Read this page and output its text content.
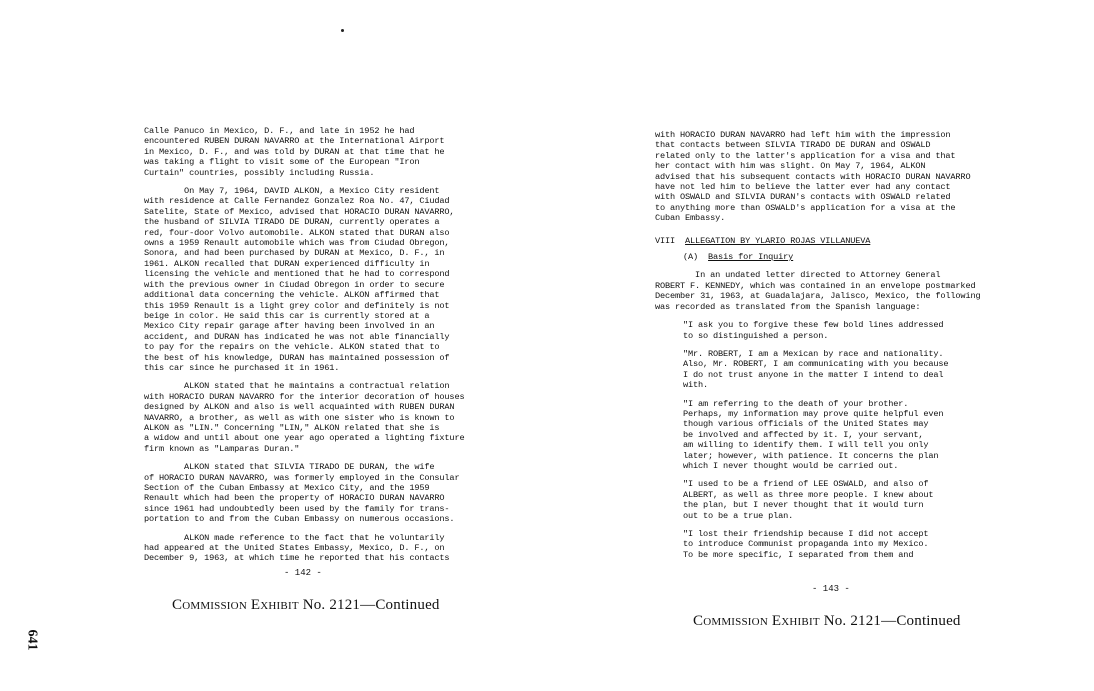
Calle Panuco in Mexico, D. F., and late in 1952 he had
encountered RUBEN DURAN NAVARRO at the International Airport
in Mexico, D. F., and was told by DURAN at that time that he
was taking a flight to visit some of the European "Iron
Curtain" countries, possibly including Russia.

On May 7, 1964, DAVID ALKON, a Mexico City resident
with residence at Calle Fernandez Gonzalez Roa No. 47, Ciudad
Satelite, State of Mexico, advised that HORACIO DURAN NAVARRO,
the husband of SILVIA TIRADO DE DURAN, currently operates a
red, four-door Volvo automobile. ALKON stated that DURAN also
owns a 1959 Renault automobile which was from Ciudad Obregon,
Sonora, and had been purchased by DURAN at Mexico, D. F., in
1961. ALKON recalled that DURAN experienced difficulty in
licensing the vehicle and mentioned that he had to correspond
with the previous owner in Ciudad Obregon in order to secure
additional data concerning the vehicle. ALKON affirmed that
this 1959 Renault is a light grey color and definitely is not
beige in color. He said this car is currently stored at a
Mexico City repair garage after having been involved in an
accident, and DURAN has indicated he was not able financially
to pay for the repairs on the vehicle. ALKON stated that to
the best of his knowledge, DURAN has maintained possession of
this car since he purchased it in 1961.

ALKON stated that he maintains a contractual relation
with HORACIO DURAN NAVARRO for the interior decoration of houses
designed by ALKON and also is well acquainted with RUBEN DURAN
NAVARRO, a brother, as well as with one sister who is known to
ALKON as "LIN." Concerning "LIN," ALKON related that she is
a widow and until about one year ago operated a lighting fixture
firm known as "Lamparas Duran."

ALKON stated that SILVIA TIRADO DE DURAN, the wife
of HORACIO DURAN NAVARRO, was formerly employed in the Consular
Section of the Cuban Embassy at Mexico City, and the 1959
Renault which had been the property of HORACIO DURAN NAVARRO
since 1961 had undoubtedly been used by the family for trans-
portation to and from the Cuban Embassy on numerous occasions.

ALKON made reference to the fact that he voluntarily
had appeared at the United States Embassy, Mexico, D. F., on
December 9, 1963, at which time he reported that his contacts

- 142 -
Commission Exhibit No. 2121—Continued
641

with HORACIO DURAN NAVARRO had left him with the impression
that contacts between SILVIA TIRADO DE DURAN and OSWALD
related only to the latter's application for a visa and that
her contact with him was slight. On May 7, 1964, ALKON
advised that his subsequent contacts with HORACIO DURAN NAVARRO
have not led him to believe the latter ever had any contact
with OSWALD and SILVIA DURAN's contacts with OSWALD related
to anything more than OSWALD's application for a visa at the
Cuban Embassy.

VIII ALLEGATION BY YLARIO ROJAS VILLANUEVA
(A) Basis for Inquiry

In an undated letter directed to Attorney General
ROBERT F. KENNEDY, which was contained in an envelope postmarked
December 31, 1963, at Guadalajara, Jalisco, Mexico, the following
was recorded as translated from the Spanish language:

"I ask you to forgive these few bold lines addressed
to so distinguished a person.

"Mr. ROBERT, I am a Mexican by race and nationality.
Also, Mr. ROBERT, I am communicating with you because
I do not trust anyone in the matter I intend to deal
with.

"I am referring to the death of your brother.
Perhaps, my information may prove quite helpful even
though various officials of the United States may
be involved and affected by it. I, your servant,
am willing to identify them. I will tell you only
later; however, with patience. It concerns the plan
which I never thought would be carried out.

"I used to be a friend of LEE OSWALD, and also of
ALBERT, as well as three more people. I knew about
the plan, but I never thought that it would turn
out to be a true plan.

"I lost their friendship because I did not accept
to introduce Communist propaganda into my Mexico.
To be more specific, I separated from them and

- 143 -
Commission Exhibit No. 2121—Continued
